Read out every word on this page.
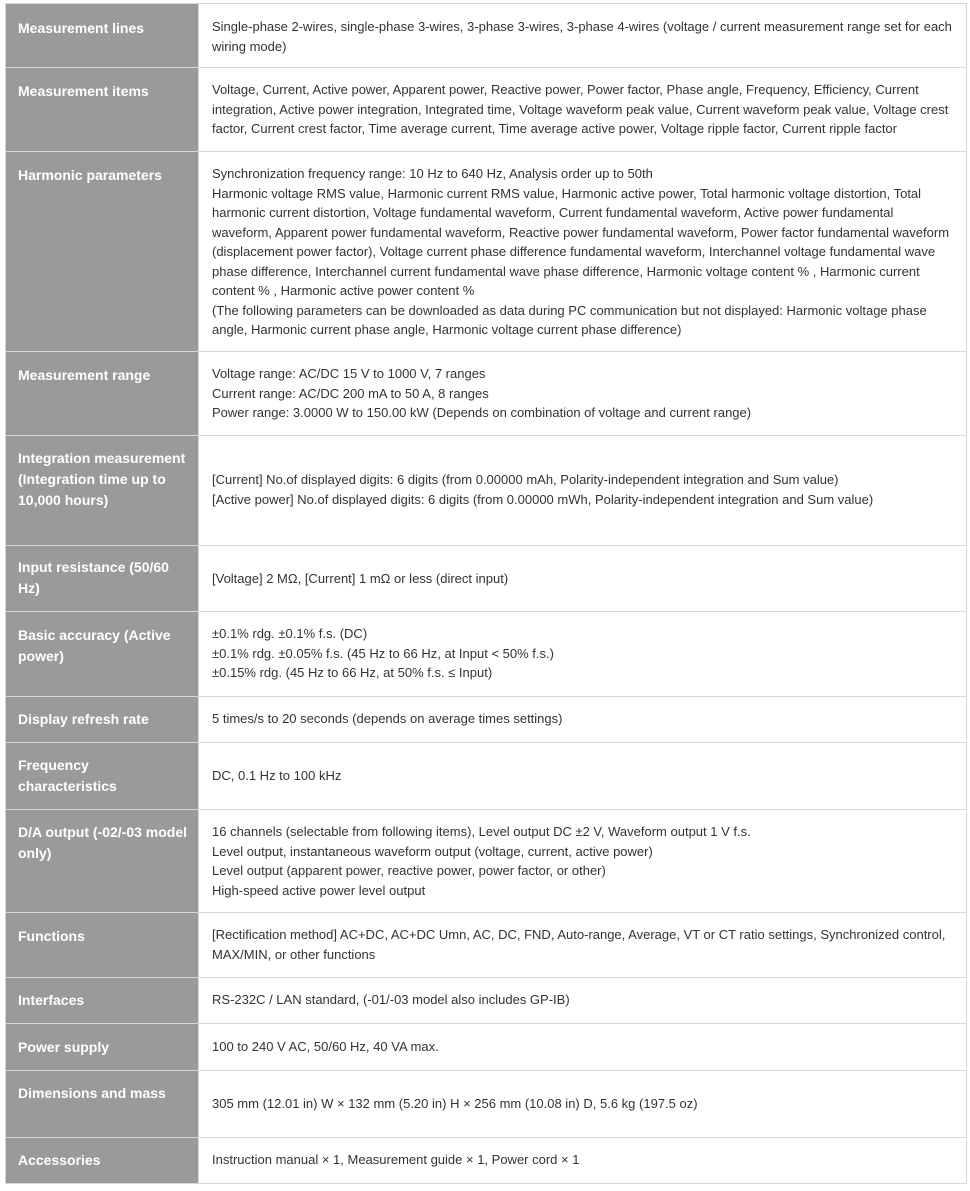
Measurement lines	Single-phase 2-wires, single-phase 3-wires, 3-phase 3-wires, 3-phase 4-wires (voltage / current measurement range set for each wiring mode)

Measurement items	Voltage, Current, Active power, Apparent power, Reactive power, Power factor, Phase angle, Frequency, Efficiency, Current integration, Active power integration, Integrated time, Voltage waveform peak value, Current waveform peak value, Voltage crest factor, Current crest factor, Time average current, Time average active power, Voltage ripple factor, Current ripple factor

Harmonic parameters	Synchronization frequency range: 10 Hz to 640 Hz, Analysis order up to 50th
Harmonic voltage RMS value, Harmonic current RMS value, Harmonic active power, Total harmonic voltage distortion, Total harmonic current distortion, Voltage fundamental waveform, Current fundamental waveform, Active power fundamental waveform, Apparent power fundamental waveform, Reactive power fundamental waveform, Power factor fundamental waveform (displacement power factor), Voltage current phase difference fundamental waveform, Interchannel voltage fundamental wave phase difference, Interchannel current fundamental wave phase difference, Harmonic voltage content % , Harmonic current content % , Harmonic active power content %
(The following parameters can be downloaded as data during PC communication but not displayed: Harmonic voltage phase angle, Harmonic current phase angle, Harmonic voltage current phase difference)

Measurement range	Voltage range: AC/DC 15 V to 1000 V, 7 ranges
Current range: AC/DC 200 mA to 50 A, 8 ranges
Power range: 3.0000 W to 150.00 kW (Depends on combination of voltage and current range)

Integration measurement (Integration time up to 10,000 hours)	[Current] No.of displayed digits: 6 digits (from 0.00000 mAh, Polarity-independent integration and Sum value)
[Active power] No.of displayed digits: 6 digits (from 0.00000 mWh, Polarity-independent integration and Sum value)

Input resistance (50/60 Hz)	[Voltage] 2 MΩ, [Current] 1 mΩ or less (direct input)

Basic accuracy (Active power)	±0.1% rdg. ±0.1% f.s. (DC)
±0.1% rdg. ±0.05% f.s. (45 Hz to 66 Hz, at Input < 50% f.s.)
±0.15% rdg. (45 Hz to 66 Hz, at 50% f.s. ≤ Input)

Display refresh rate	5 times/s to 20 seconds (depends on average times settings)

Frequency characteristics	DC, 0.1 Hz to 100 kHz

D/A output (-02/-03 model only)	16 channels (selectable from following items), Level output DC ±2 V, Waveform output 1 V f.s.
Level output, instantaneous waveform output (voltage, current, active power)
Level output (apparent power, reactive power, power factor, or other)
High-speed active power level output

Functions	[Rectification method] AC+DC, AC+DC Umn, AC, DC, FND, Auto-range, Average, VT or CT ratio settings, Synchronized control, MAX/MIN, or other functions

Interfaces	RS-232C / LAN standard, (-01/-03 model also includes GP-IB)

Power supply	100 to 240 V AC, 50/60 Hz, 40 VA max.

Dimensions and mass	305 mm (12.01 in) W × 132 mm (5.20 in) H × 256 mm (10.08 in) D, 5.6 kg (197.5 oz)

Accessories	Instruction manual × 1, Measurement guide × 1, Power cord × 1
